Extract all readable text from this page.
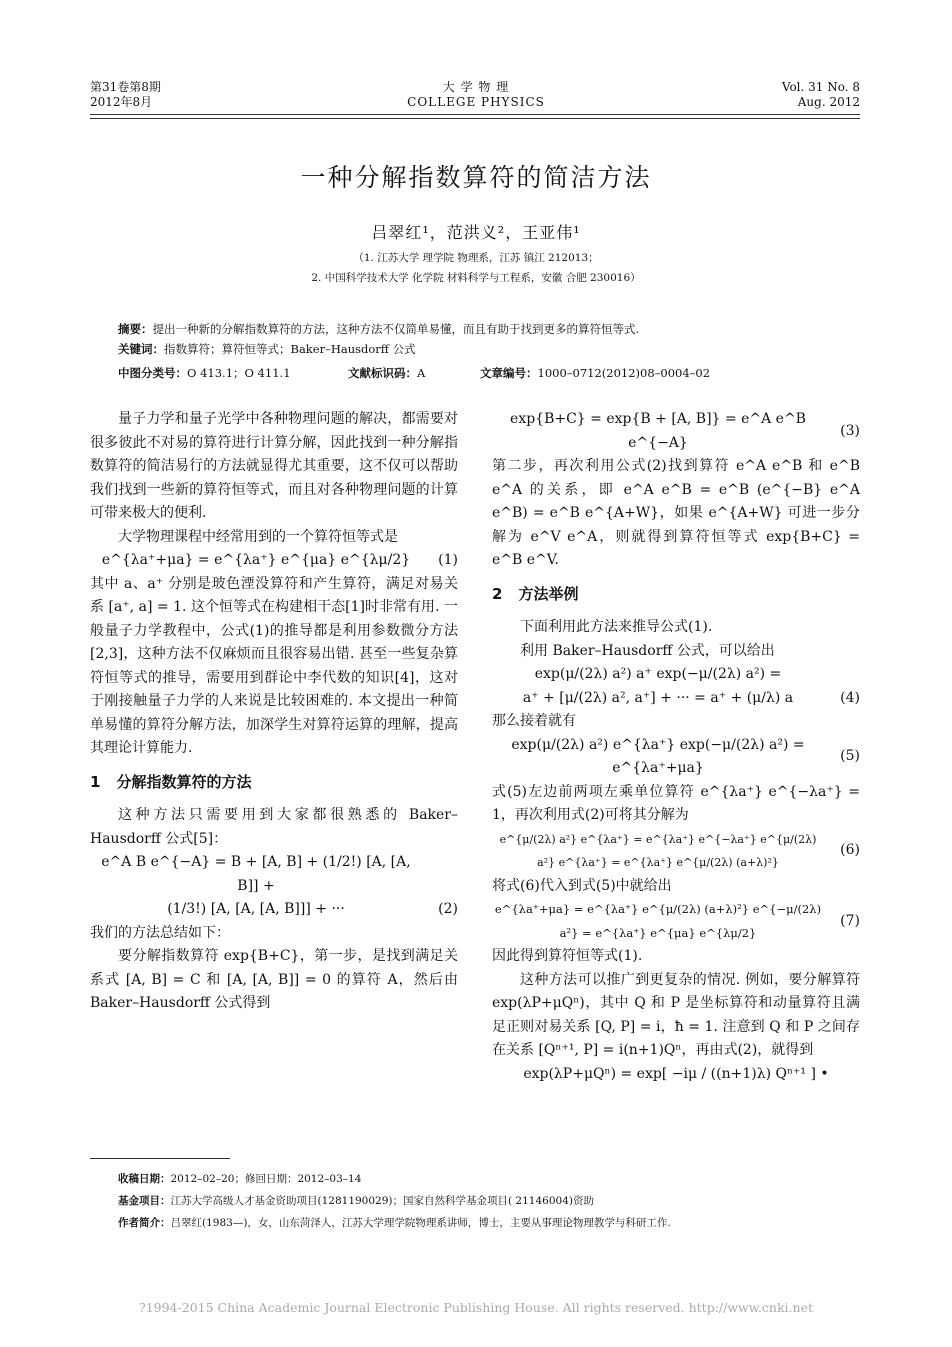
第31卷第8期
2012年8月
大 学 物 理
COLLEGE PHYSICS
Vol. 31 No. 8
Aug. 2012
一种分解指数算符的简洁方法
吕翠红¹，范洪义²，王亚伟¹
（1. 江苏大学 理学院 物理系，江苏 镇江 212013；
2. 中国科学技术大学 化学院 材料科学与工程系，安徽 合肥 230016）
摘要：提出一种新的分解指数算符的方法，这种方法不仅简单易懂，而且有助于找到更多的算符恒等式.
关键词：指数算符；算符恒等式；Baker–Hausdorff 公式
中图分类号：O 413.1；O 411.1	文献标识码：A	文章编号：1000–0712(2012)08–0004–02

量子力学和量子光学中各种物理问题的解决，都需要对很多彼此不对易的算符进行计算分解，因此找到一种分解指数算符的简洁易行的方法就显得尤其重要，这不仅可以帮助我们找到一些新的算符恒等式，而且对各种物理问题的计算可带来极大的便利.

大学物理课程中经常用到的一个算符恒等式是

e^{λa⁺+μa} = e^{λa⁺} e^{μa} e^{λμ/2}	(1)

其中 a、a⁺ 分别是玻色湮没算符和产生算符，满足对易关系 [a⁺, a] = 1. 这个恒等式在构建相干态[1]时非常有用. 一般量子力学教程中，公式(1)的推导都是利用参数微分方法[2,3]，这种方法不仅麻烦而且很容易出错. 甚至一些复杂算符恒等式的推导，需要用到群论中李代数的知识[4]，这对于刚接触量子力学的人来说是比较困难的. 本文提出一种简单易懂的算符分解方法，加深学生对算符运算的理解，提高其理论计算能力.

1 分解指数算符的方法

这种方法只需要用到大家都很熟悉的 Baker–Hausdorff 公式[5]：

e^A B e^{−A} = B + [A, B] + (1/2!) [A, [A, B]] +
(1/3!) [A, [A, [A, B]]] + ···	(2)

我们的方法总结如下：

要分解指数算符 exp{B+C}，第一步，是找到满足关系式 [A, B] = C 和 [A, [A, B]] = 0 的算符 A，然后由 Baker–Hausdorff 公式得到

exp{B+C} = exp{B + [A, B]} = e^A e^B e^{−A}
(3)

第二步，再次利用公式(2)找到算符 e^A e^B 和 e^B e^A 的关系，即 e^A e^B = e^B (e^{−B} e^A e^B) = e^B e^{A+W}，如果 e^{A+W} 可进一步分解为 e^V e^A，则就得到算符恒等式 exp{B+C} = e^B e^V.

2 方法举例

下面利用此方法来推导公式(1).

利用 Baker–Hausdorff 公式，可以给出

exp(μ/(2λ) a²) a⁺ exp(−μ/(2λ) a²) =
a⁺ + [μ/(2λ) a², a⁺] + ··· = a⁺ + (μ/λ) a	(4)

那么接着就有

exp(μ/(2λ) a²) e^{λa⁺} exp(−μ/(2λ) a²) = e^{λa⁺+μa}
(5)

式(5)左边前两项左乘单位算符 e^{λa⁺} e^{−λa⁺} = 1，再次利用式(2)可将其分解为

e^{μ/(2λ) a²} e^{λa⁺} = e^{λa⁺} e^{−λa⁺} e^{μ/(2λ) a²} e^{λa⁺} = e^{λa⁺} e^{μ/(2λ) (a+λ)²}
(6)

将式(6)代入到式(5)中就给出

e^{λa⁺+μa} = e^{λa⁺} e^{μ/(2λ) (a+λ)²} e^{−μ/(2λ) a²} = e^{λa⁺} e^{μa} e^{λμ/2}
(7)

因此得到算符恒等式(1).

这种方法可以推广到更复杂的情况. 例如，要分解算符 exp(λP+μQⁿ)，其中 Q 和 P 是坐标算符和动量算符且满足正则对易关系 [Q, P] = i，ħ = 1. 注意到 Q 和 P 之间存在关系 [Qⁿ⁺¹, P] = i(n+1)Qⁿ，再由式(2)，就得到

exp(λP+μQⁿ) = exp[ −iμ / ((n+1)λ) Qⁿ⁺¹ ] •
收稿日期：2012–02–20；修回日期：2012–03–14
基金项目：江苏大学高级人才基金资助项目(1281190029)；国家自然科学基金项目( 21146004)资助
作者简介：吕翠红(1983—)，女，山东菏泽人，江苏大学理学院物理系讲师，博士，主要从事理论物理教学与科研工作.
?1994-2015 China Academic Journal Electronic Publishing House. All rights reserved. http://www.cnki.net
